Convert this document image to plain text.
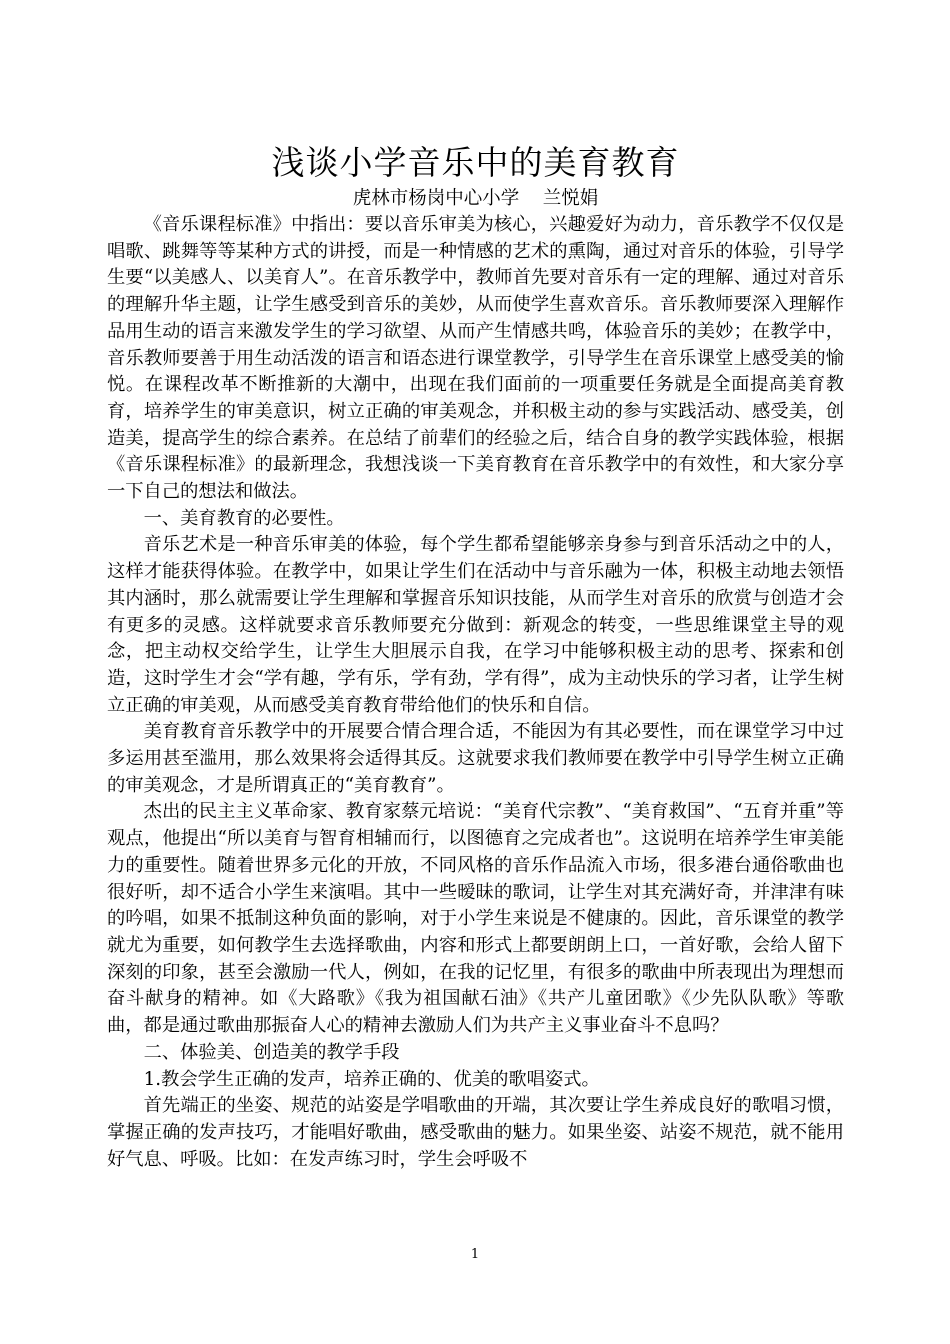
浅谈小学音乐中的美育教育

虎林市杨岗中心小学    兰悦娟

《音乐课程标准》中指出：要以音乐审美为核心，兴趣爱好为动力，音乐教学不仅仅是唱歌、跳舞等等某种方式的讲授，而是一种情感的艺术的熏陶，通过对音乐的体验，引导学生要“以美感人、以美育人”。在音乐教学中，教师首先要对音乐有一定的理解、通过对音乐的理解升华主题，让学生感受到音乐的美妙，从而使学生喜欢音乐。音乐教师要深入理解作品用生动的语言来激发学生的学习欲望、从而产生情感共鸣，体验音乐的美妙；在教学中，音乐教师要善于用生动活泼的语言和语态进行课堂教学，引导学生在音乐课堂上感受美的愉悦。在课程改革不断推新的大潮中，出现在我们面前的一项重要任务就是全面提高美育教育，培养学生的审美意识，树立正确的审美观念，并积极主动的参与实践活动、感受美，创造美，提高学生的综合素养。在总结了前辈们的经验之后，结合自身的教学实践体验，根据《音乐课程标准》的最新理念，我想浅谈一下美育教育在音乐教学中的有效性，和大家分享一下自己的想法和做法。

一、美育教育的必要性。

音乐艺术是一种音乐审美的体验，每个学生都希望能够亲身参与到音乐活动之中的人，这样才能获得体验。在教学中，如果让学生们在活动中与音乐融为一体，积极主动地去领悟其内涵时，那么就需要让学生理解和掌握音乐知识技能，从而学生对音乐的欣赏与创造才会有更多的灵感。这样就要求音乐教师要充分做到：新观念的转变，一些思维课堂主导的观念，把主动权交给学生，让学生大胆展示自我，在学习中能够积极主动的思考、探索和创造，这时学生才会“学有趣，学有乐，学有劲，学有得”，成为主动快乐的学习者，让学生树立正确的审美观，从而感受美育教育带给他们的快乐和自信。

美育教育音乐教学中的开展要合情合理合适，不能因为有其必要性，而在课堂学习中过多运用甚至滥用，那么效果将会适得其反。这就要求我们教师要在教学中引导学生树立正确的审美观念，才是所谓真正的“美育教育”。

杰出的民主主义革命家、教育家蔡元培说：“美育代宗教”、“美育救国”、“五育并重”等观点，他提出“所以美育与智育相辅而行，以图德育之完成者也”。这说明在培养学生审美能力的重要性。随着世界多元化的开放，不同风格的音乐作品流入市场，很多港台通俗歌曲也很好听，却不适合小学生来演唱。其中一些暧昧的歌词，让学生对其充满好奇，并津津有味的吟唱，如果不抵制这种负面的影响，对于小学生来说是不健康的。因此，音乐课堂的教学就尤为重要，如何教学生去选择歌曲，内容和形式上都要朗朗上口，一首好歌，会给人留下深刻的印象，甚至会激励一代人，例如，在我的记忆里，有很多的歌曲中所表现出为理想而奋斗献身的精神。如《大路歌》《我为祖国献石油》《共产儿童团歌》《少先队队歌》等歌曲，都是通过歌曲那振奋人心的精神去激励人们为共产主义事业奋斗不息吗？

二、体验美、创造美的教学手段

1.教会学生正确的发声，培养正确的、优美的歌唱姿式。

首先端正的坐姿、规范的站姿是学唱歌曲的开端，其次要让学生养成良好的歌唱习惯，掌握正确的发声技巧，才能唱好歌曲，感受歌曲的魅力。如果坐姿、站姿不规范，就不能用好气息、呼吸。比如：在发声练习时，学生会呼吸不

1
